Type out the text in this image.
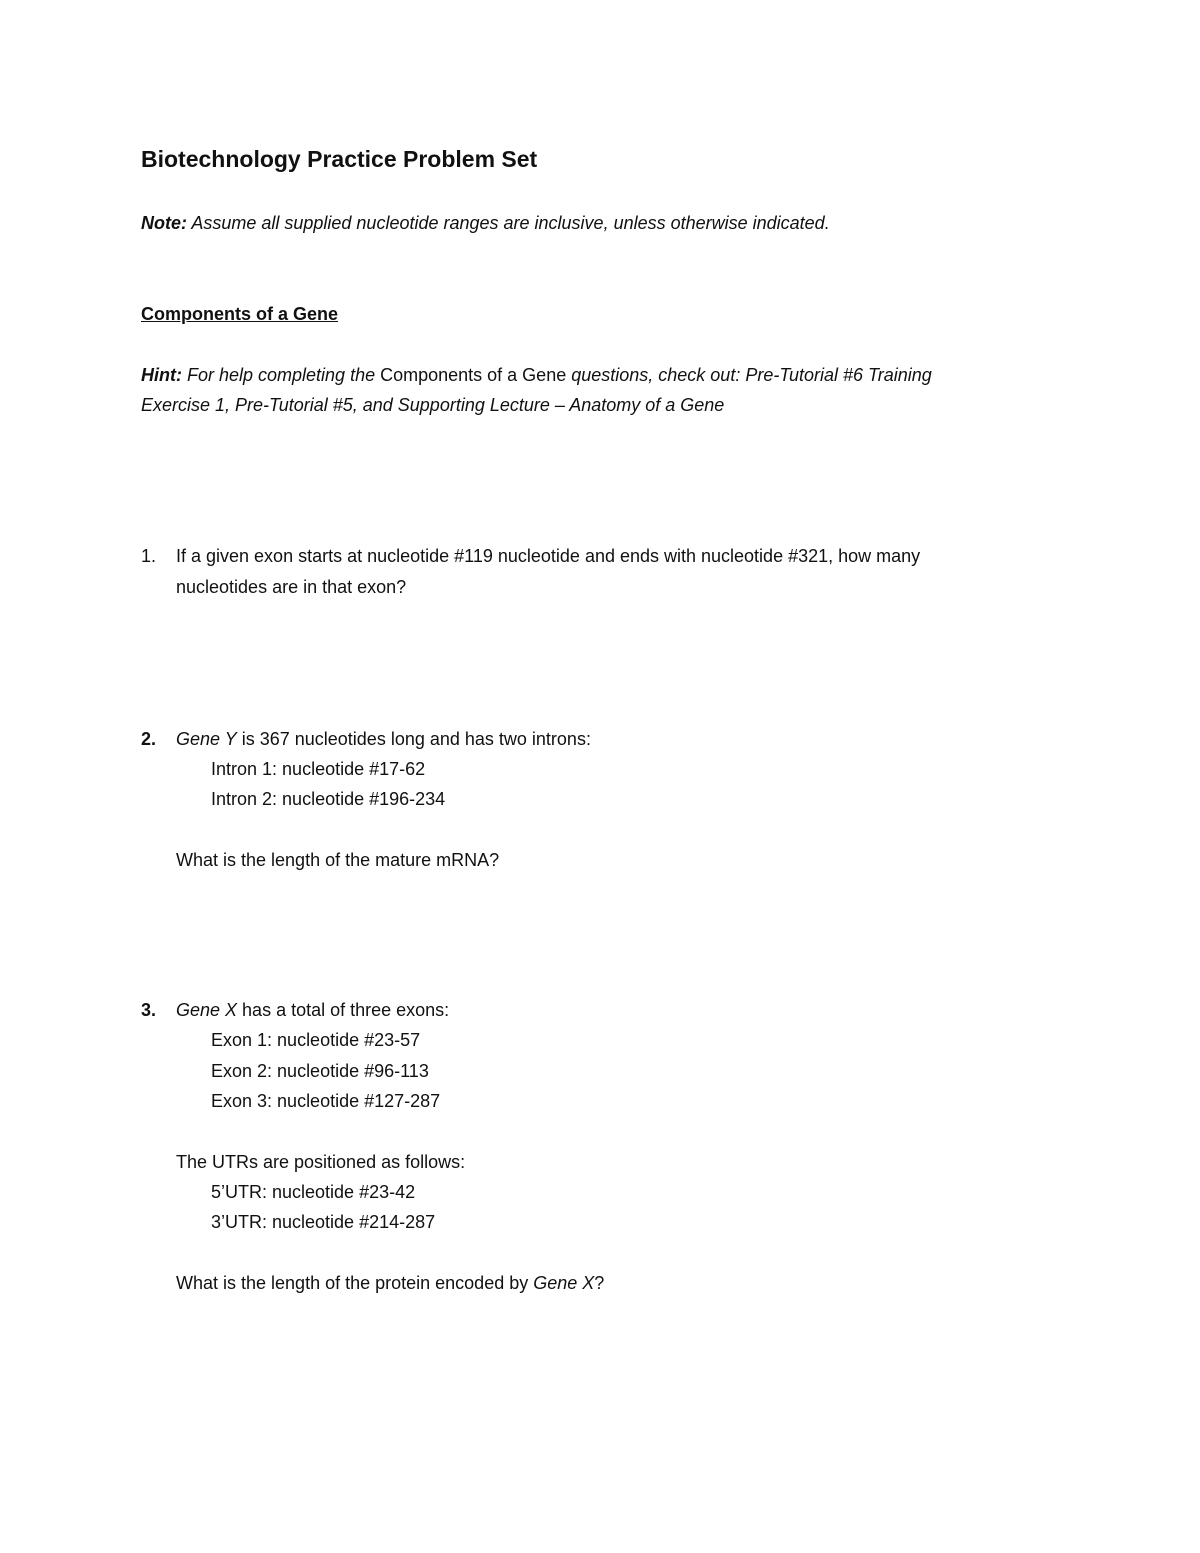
Biotechnology Practice Problem Set
Note: Assume all supplied nucleotide ranges are inclusive, unless otherwise indicated.
Components of a Gene
Hint: For help completing the Components of a Gene questions, check out: Pre-Tutorial #6 Training
Exercise 1, Pre-Tutorial #5, and Supporting Lecture – Anatomy of a Gene
1. If a given exon starts at nucleotide #119 nucleotide and ends with nucleotide #321, how many
nucleotides are in that exon?
2. Gene Y is 367 nucleotides long and has two introns:
Intron 1: nucleotide #17-62
Intron 2: nucleotide #196-234
What is the length of the mature mRNA?
3. Gene X has a total of three exons:
Exon 1: nucleotide #23-57
Exon 2: nucleotide #96-113
Exon 3: nucleotide #127-287
The UTRs are positioned as follows:
5’UTR: nucleotide #23-42
3’UTR: nucleotide #214-287
What is the length of the protein encoded by Gene X?
